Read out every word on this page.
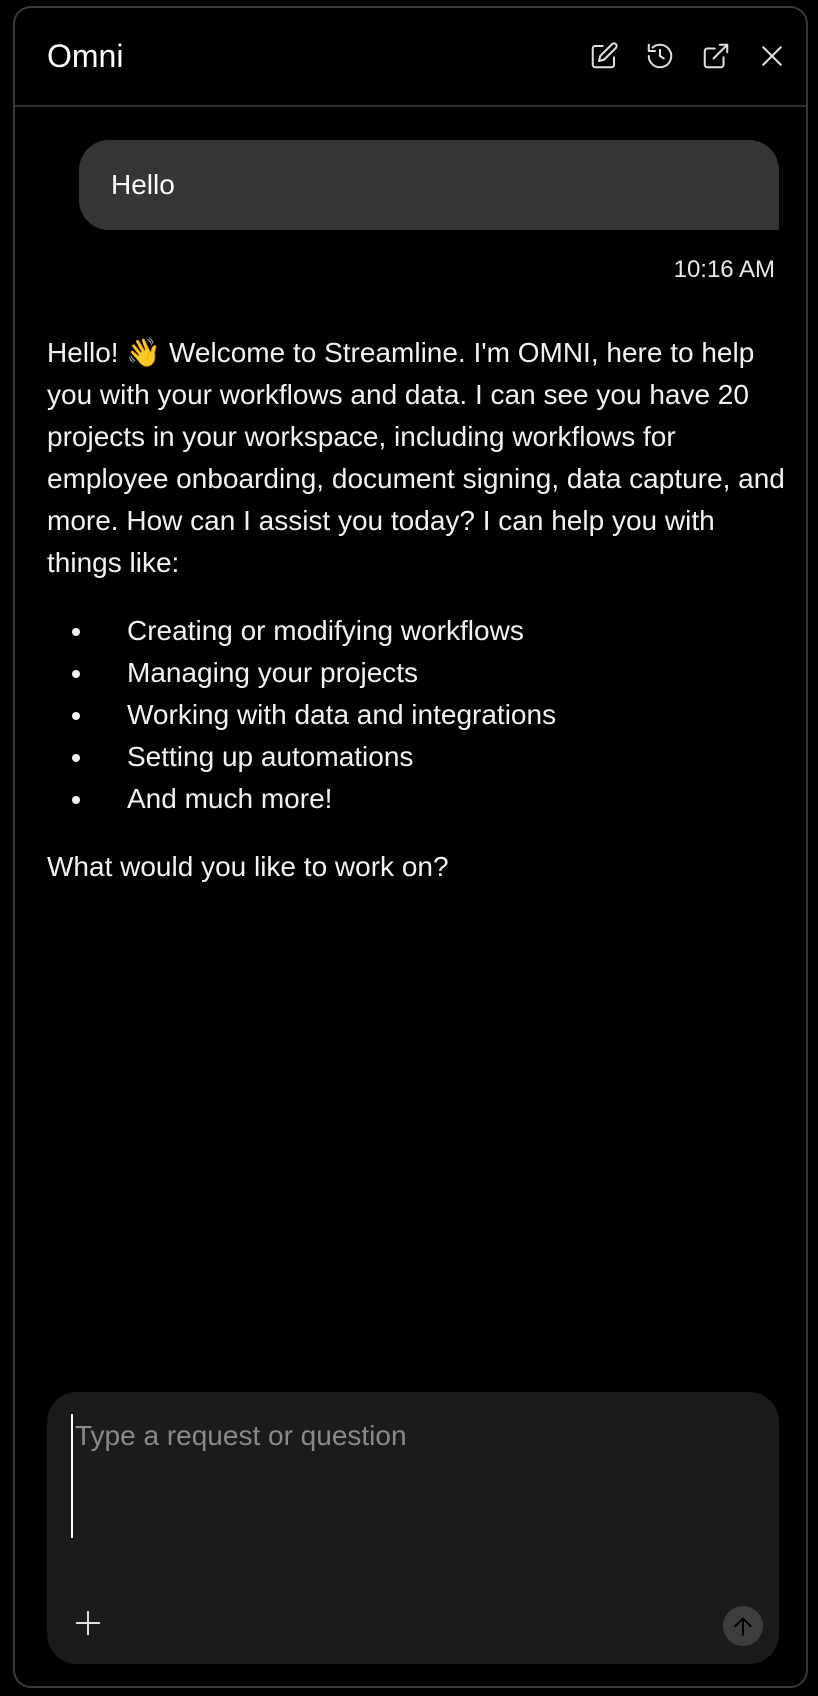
Omni
Hello
10:16 AM

Hello! 👋 Welcome to Streamline. I'm OMNI, here to help you with your workflows and data. I can see you have 20 projects in your workspace, including workflows for employee onboarding, document signing, data capture, and more. How can I assist you today? I can help you with things like:

• Creating or modifying workflows
• Managing your projects
• Working with data and integrations
• Setting up automations
• And much more!

What would you like to work on?

Type a request or question
